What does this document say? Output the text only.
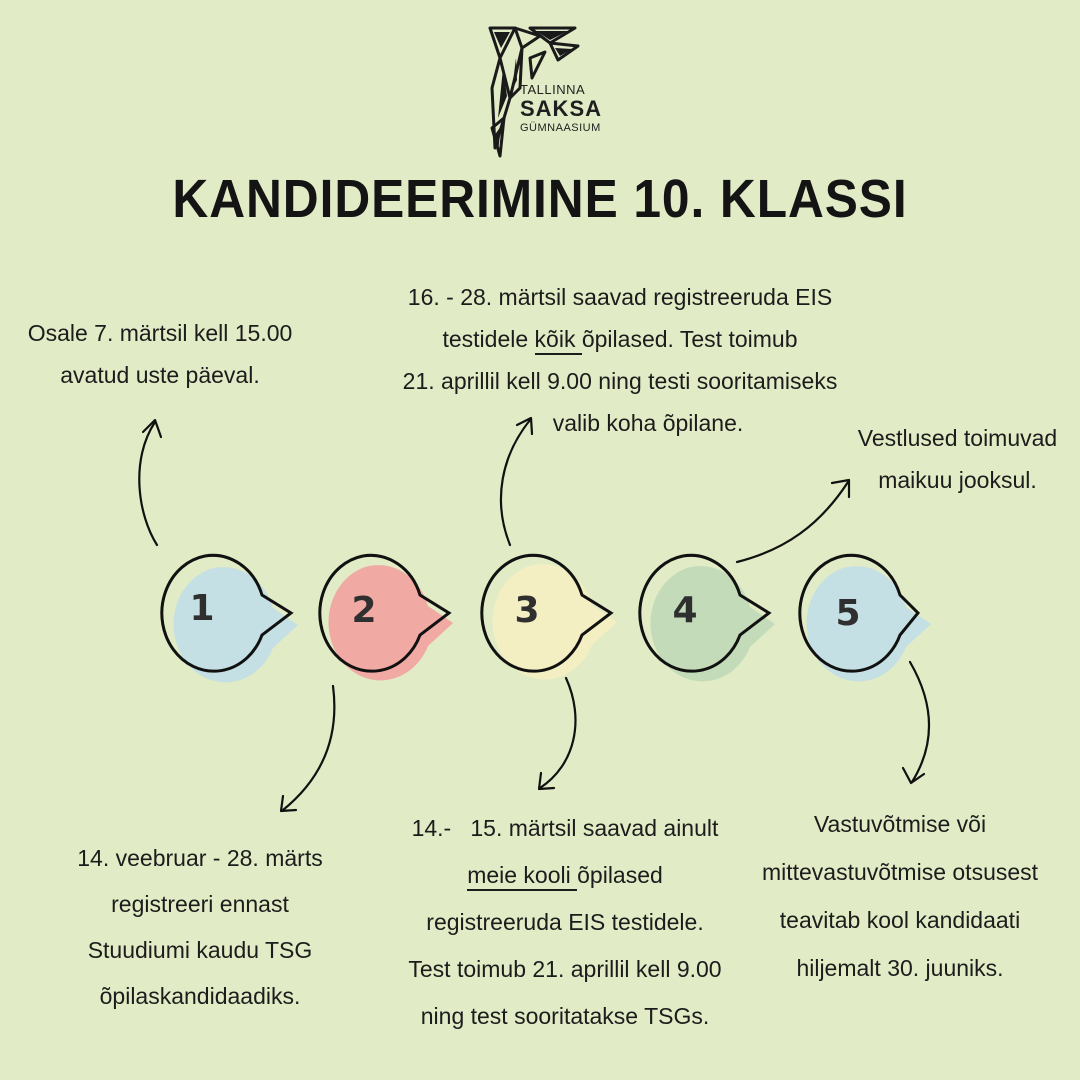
TALLINNA
SAKSA
GÜMNAASIUM
KANDIDEERIMINE 10. KLASSI
1	2	3	4	5
Osale 7. märtsil kell 15.00
avatud uste päeval.
16. - 28. märtsil saavad registreeruda EIS
testidele kõik õpilased. Test toimub
21. aprillil kell 9.00 ning testi sooritamiseks
valib koha õpilane.
Vestlused toimuvad
maikuu jooksul.
14. veebruar - 28. märts
registreeri ennast
Stuudiumi kaudu TSG
õpilaskandidaadiks.
14.-   15. märtsil saavad ainult
meie kooli õpilased
registreeruda EIS testidele.
Test toimub 21. aprillil kell 9.00
ning test sooritatakse TSGs.
Vastuvõtmise või
mittevastuvõtmise otsusest
teavitab kool kandidaati
hiljemalt 30. juuniks.
